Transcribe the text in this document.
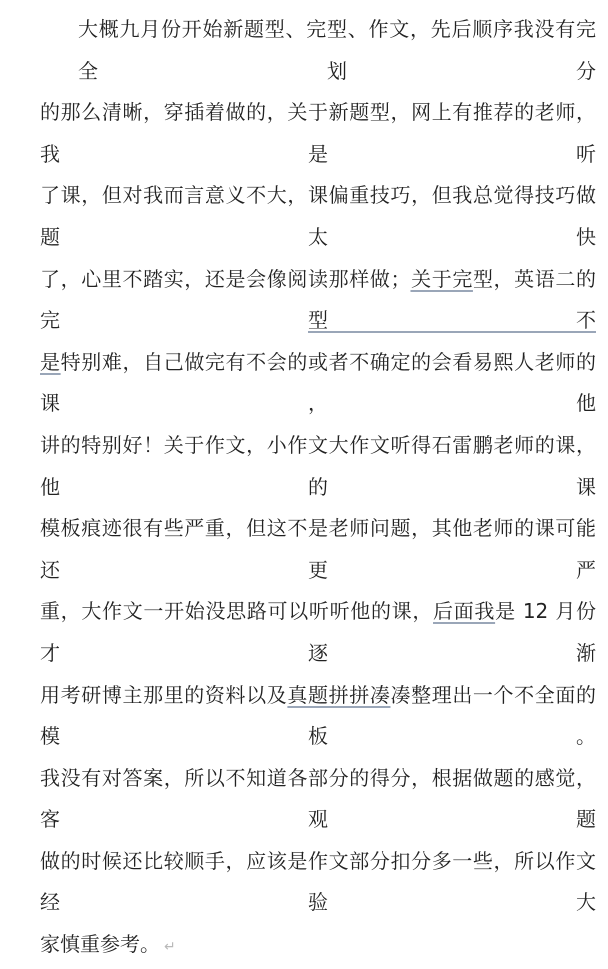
大概九月份开始新题型、完型、作文，先后顺序我没有完全划分
的那么清晰，穿插着做的，关于新题型，网上有推荐的老师，我是听
了课，但对我而言意义不大，课偏重技巧，但我总觉得技巧做题太快
了，心里不踏实，还是会像阅读那样做；关于完型，英语二的完型不
是特别难，自己做完有不会的或者不确定的会看易熙人老师的课，他
讲的特别好！关于作文，小作文大作文听得石雷鹏老师的课，他的课
模板痕迹很有些严重，但这不是老师问题，其他老师的课可能还更严
重，大作文一开始没思路可以听听他的课，后面我是 12 月份才逐渐
用考研博主那里的资料以及真题拼拼凑凑整理出一个不全面的模板。
我没有对答案，所以不知道各部分的得分，根据做题的感觉，客观题
做的时候还比较顺手，应该是作文部分扣分多一些，所以作文经验大
家慎重参考。 ↵
